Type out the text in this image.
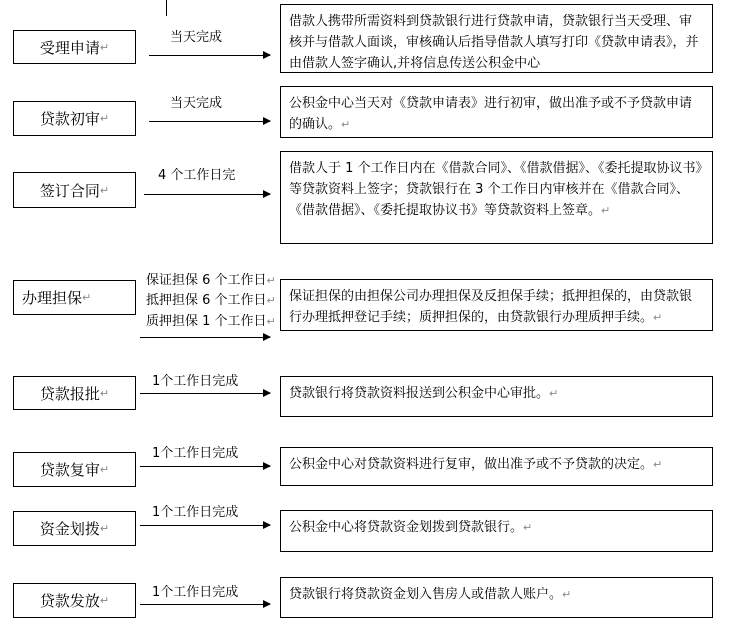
受理申请 ↵
当天完成
借款人携带所需资料到贷款银行进行贷款申请，贷款银行当天受理、审核并与借款人面谈，审核确认后指导借款人填写打印《贷款申请表》，并由借款人签字确认,并将信息传送公积金中心
贷款初审 ↵
当天完成	公积金中心当天对《贷款申请表》进行初审，做出准予或不予贷款申请的确认。↵
签订合同 ↵
4 个工作日完	借款人于 1 个工作日内在《借款合同》、《借款借据》、《委托提取协议书》等贷款资料上签字；贷款银行在 3 个工作日内审核并在《借款合同》、《借款借据》、《委托提取协议书》等贷款资料上签章。↵
办理担保 ↵
保证担保 6 个工作日↵
抵押担保 6 个工作日↵
质押担保 1 个工作日↵
保证担保的由担保公司办理担保及反担保手续；抵押担保的，由贷款银行办理抵押登记手续；质押担保的，由贷款银行办理质押手续。↵
贷款报批 ↵
1个工作日完成
贷款银行将贷款资料报送到公积金中心审批。↵
贷款复审 ↵
1个工作日完成
公积金中心对贷款资料进行复审，做出准予或不予贷款的决定。↵
资金划拨 ↵
1个工作日完成
公积金中心将贷款资金划拨到贷款银行。↵
贷款发放 ↵
1个工作日完成	贷款银行将贷款资金划入售房人或借款人账户。↵
